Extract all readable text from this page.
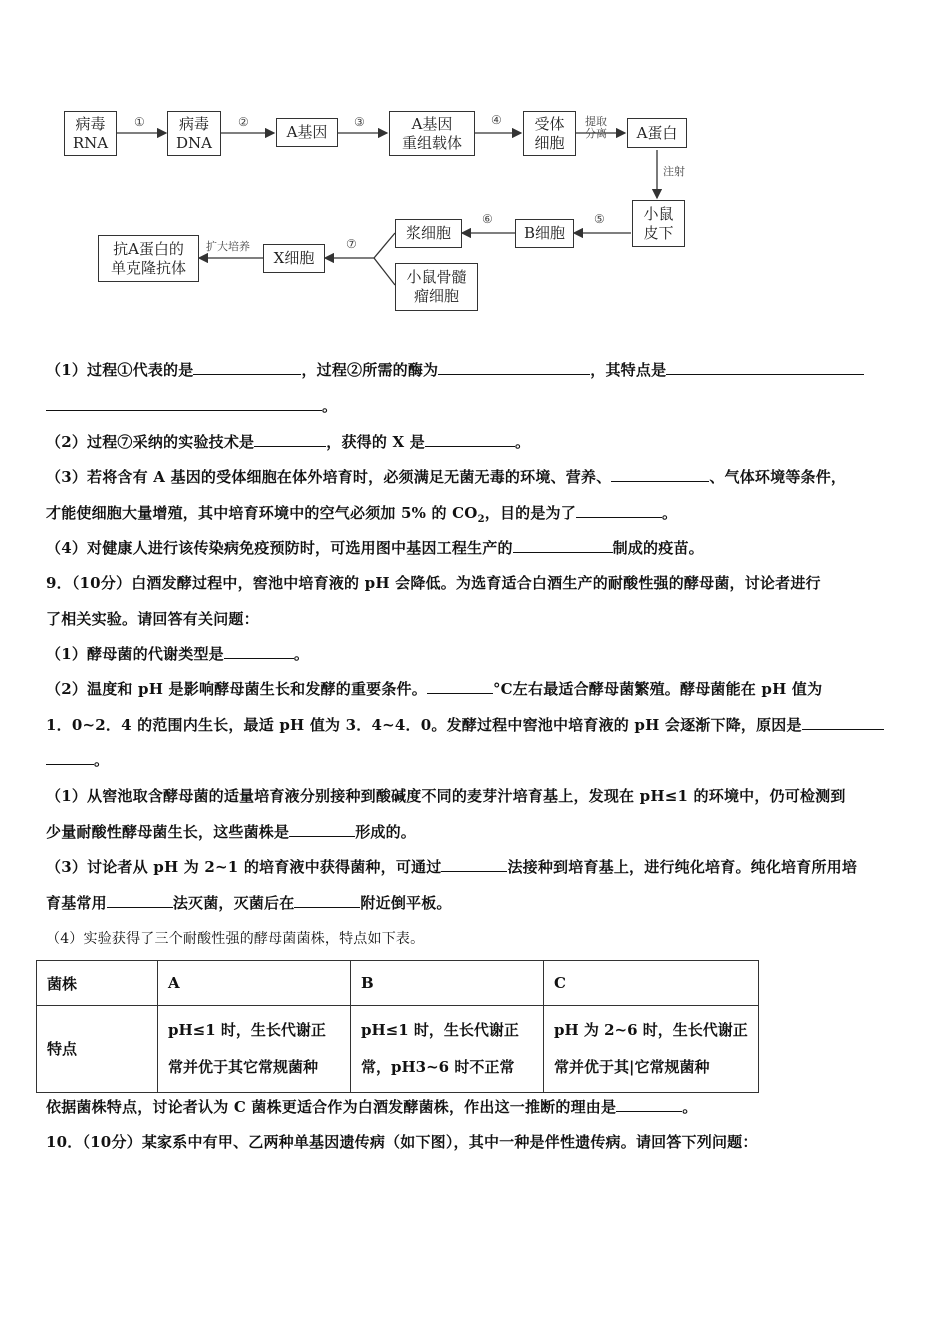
病毒
RNA
病毒
DNA
A基因	A基因
重组载体
受体
细胞
A蛋白
小鼠
皮下
B细胞
浆细胞
小鼠骨髓
瘤细胞
X细胞
抗A蛋白的
单克隆抗体
①	②	③	④	提取
分离
注射
⑤
⑥
⑦
扩大培养
（1）过程①代表的是	，过程②所需的酶为	，其特点是
。
（2）过程⑦采纳的实验技术是	，获得的 X 是	。
（3）若将含有 A 基因的受体细胞在体外培育时，必须满足无菌无毒的环境、营养、	、气体环境等条件，
才能使细胞大量增殖，其中培育环境中的空气必须加 5% 的 $CO_2$，目的是为了	。
（4）对健康人进行该传染病免疫预防时，可选用图中基因工程生产的	制成的疫苗。
9．（10分）白酒发酵过程中，窖池中培育液的 pH 会降低。为选育适合白酒生产的耐酸性强的酵母菌，讨论者进行
了相关实验。请回答有关问题：
（1）酵母菌的代谢类型是	。
（2）温度和 pH 是影响酵母菌生长和发酵的重要条件。	°C左右最适合酵母菌繁殖。酵母菌能在 pH 值为
1．0~2．4 的范围内生长，最适 pH 值为 3．4~4．0。发酵过程中窖池中培育液的 pH 会逐渐下降，原因是
。
（1）从窖池取含酵母菌的适量培育液分别接种到酸碱度不同的麦芽汁培育基上，发现在 pH≤1 的环境中，仍可检测到
少量耐酸性酵母菌生长，这些菌株是	形成的。
（3）讨论者从 pH 为 2~1 的培育液中获得菌种，可通过	法接种到培育基上，进行纯化培育。纯化培育所用培
育基常用	法灭菌，灭菌后在	附近倒平板。
（4）实验获得了三个耐酸性强的酵母菌菌株，特点如下表。
菌株	A	B	C
特点	pH≤1 时，生长代谢正常并优于其它常规菌种	pH≤1 时，生长代谢正常，pH3~6 时不正常	pH 为 2~6 时，生长代谢正常并优于其|它常规菌种
依据菌株特点，讨论者认为 C 菌株更适合作为白酒发酵菌株，作出这一推断的理由是	。
10．（10分）某家系中有甲、乙两种单基因遗传病（如下图），其中一种是伴性遗传病。请回答下列问题：
